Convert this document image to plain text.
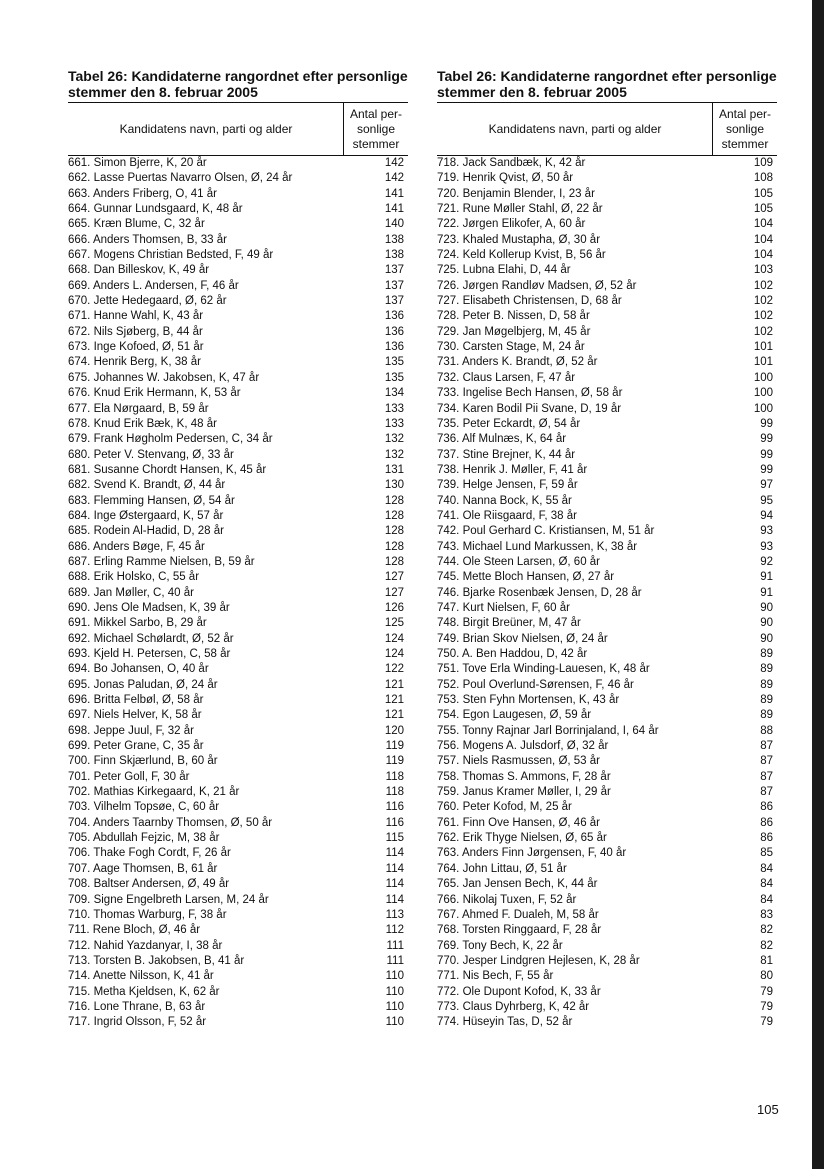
Tabel 26: Kandidaterne rangordnet efter personlige stemmer den 8. februar 2005
Kandidatens navn, parti og alder
Antal per-
sonlige
stemmer
661. Simon Bjerre, K, 20 år	142
662. Lasse Puertas Navarro Olsen, Ø, 24 år	142
663. Anders Friberg, O, 41 år	141
664. Gunnar Lundsgaard, K, 48 år	141
665. Kræn Blume, C, 32 år	140
666. Anders Thomsen, B, 33 år	138
667. Mogens Christian Bedsted, F, 49 år	138
668. Dan Billeskov, K, 49 år	137
669. Anders L. Andersen, F, 46 år	137
670. Jette Hedegaard, Ø, 62 år	137
671. Hanne Wahl, K, 43 år	136
672. Nils Sjøberg, B, 44 år	136
673. Inge Kofoed, Ø, 51 år	136
674. Henrik Berg, K, 38 år	135
675. Johannes W. Jakobsen, K, 47 år	135
676. Knud Erik Hermann, K, 53 år	134
677. Ela Nørgaard, B, 59 år	133
678. Knud Erik Bæk, K, 48 år	133
679. Frank Høgholm Pedersen, C, 34 år	132
680. Peter V. Stenvang, Ø, 33 år	132
681. Susanne Chordt Hansen, K, 45 år	131
682. Svend K. Brandt, Ø, 44 år	130
683. Flemming Hansen, Ø, 54 år	128
684. Inge Østergaard, K, 57 år	128
685. Rodein Al-Hadid, D, 28 år	128
686. Anders Bøge, F, 45 år	128
687. Erling Ramme Nielsen, B, 59 år	128
688. Erik Holsko, C, 55 år	127
689. Jan Møller, C, 40 år	127
690. Jens Ole Madsen, K, 39 år	126
691. Mikkel Sarbo, B, 29 år	125
692. Michael Schølardt, Ø, 52 år	124
693. Kjeld H. Petersen, C, 58 år	124
694. Bo Johansen, O, 40 år	122
695. Jonas Paludan, Ø, 24 år	121
696. Britta Felbøl, Ø, 58 år	121
697. Niels Helver, K, 58 år	121
698. Jeppe Juul, F, 32 år	120
699. Peter Grane, C, 35 år	119
700. Finn Skjærlund, B, 60 år	119
701. Peter Goll, F, 30 år	118
702. Mathias Kirkegaard, K, 21 år	118
703. Vilhelm Topsøe, C, 60 år	116
704. Anders Taarnby Thomsen, Ø, 50 år	116
705. Abdullah Fejzic, M, 38 år	115
706. Thake Fogh Cordt, F, 26 år	114
707. Aage Thomsen, B, 61 år	114
708. Baltser Andersen, Ø, 49 år	114
709. Signe Engelbreth Larsen, M, 24 år	114
710. Thomas Warburg, F, 38 år	113
711. Rene Bloch, Ø, 46 år	112
712. Nahid Yazdanyar, I, 38 år	111
713. Torsten B. Jakobsen, B, 41 år	111
714. Anette Nilsson, K, 41 år	110
715. Metha Kjeldsen, K, 62 år	110
716. Lone Thrane, B, 63 år	110
717. Ingrid Olsson, F, 52 år	110
Tabel 26: Kandidaterne rangordnet efter personlige stemmer den 8. februar 2005
Kandidatens navn, parti og alder
Antal per-
sonlige
stemmer
718. Jack Sandbæk, K, 42 år	109
719. Henrik Qvist, Ø, 50 år	108
720. Benjamin Blender, I, 23 år	105
721. Rune Møller Stahl, Ø, 22 år	105
722. Jørgen Elikofer, A, 60 år	104
723. Khaled Mustapha, Ø, 30 år	104
724. Keld Kollerup Kvist, B, 56 år	104
725. Lubna Elahi, D, 44 år	103
726. Jørgen Randløv Madsen, Ø, 52 år	102
727. Elisabeth Christensen, D, 68 år	102
728. Peter B. Nissen, D, 58 år	102
729. Jan Møgelbjerg, M, 45 år	102
730. Carsten Stage, M, 24 år	101
731. Anders K. Brandt, Ø, 52 år	101
732. Claus Larsen, F, 47 år	100
733. Ingelise Bech Hansen, Ø, 58 år	100
734. Karen Bodil Pii Svane, D, 19 år	100
735. Peter Eckardt, Ø, 54 år	99
736. Alf Mulnæs, K, 64 år	99
737. Stine Brejner, K, 44 år	99
738. Henrik J. Møller, F, 41 år	99
739. Helge Jensen, F, 59 år	97
740. Nanna Bock, K, 55 år	95
741. Ole Riisgaard, F, 38 år	94
742. Poul Gerhard C. Kristiansen, M, 51 år	93
743. Michael Lund Markussen, K, 38 år	93
744. Ole Steen Larsen, Ø, 60 år	92
745. Mette Bloch Hansen, Ø, 27 år	91
746. Bjarke Rosenbæk Jensen, D, 28 år	91
747. Kurt Nielsen, F, 60 år	90
748. Birgit Breüner, M, 47 år	90
749. Brian Skov Nielsen, Ø, 24 år	90
750. A. Ben Haddou, D, 42 år	89
751. Tove Erla Winding-Lauesen, K, 48 år	89
752. Poul Overlund-Sørensen, F, 46 år	89
753. Sten Fyhn Mortensen, K, 43 år	89
754. Egon Laugesen, Ø, 59 år	89
755. Tonny Rajnar Jarl Borrinjaland, I, 64 år	88
756. Mogens A. Julsdorf, Ø, 32 år	87
757. Niels Rasmussen, Ø, 53 år	87
758. Thomas S. Ammons, F, 28 år	87
759. Janus Kramer Møller, I, 29 år	87
760. Peter Kofod, M, 25 år	86
761. Finn Ove Hansen, Ø, 46 år	86
762. Erik Thyge Nielsen, Ø, 65 år	86
763. Anders Finn Jørgensen, F, 40 år	85
764. John Littau, Ø, 51 år	84
765. Jan Jensen Bech, K, 44 år	84
766. Nikolaj Tuxen, F, 52 år	84
767. Ahmed F. Dualeh, M, 58 år	83
768. Torsten Ringgaard, F, 28 år	82
769. Tony Bech, K, 22 år	82
770. Jesper Lindgren Hejlesen, K, 28 år	81
771. Nis Bech, F, 55 år	80
772. Ole Dupont Kofod, K, 33 år	79
773. Claus Dyhrberg, K, 42 år	79
774. Hüseyin Tas, D, 52 år	79
105
